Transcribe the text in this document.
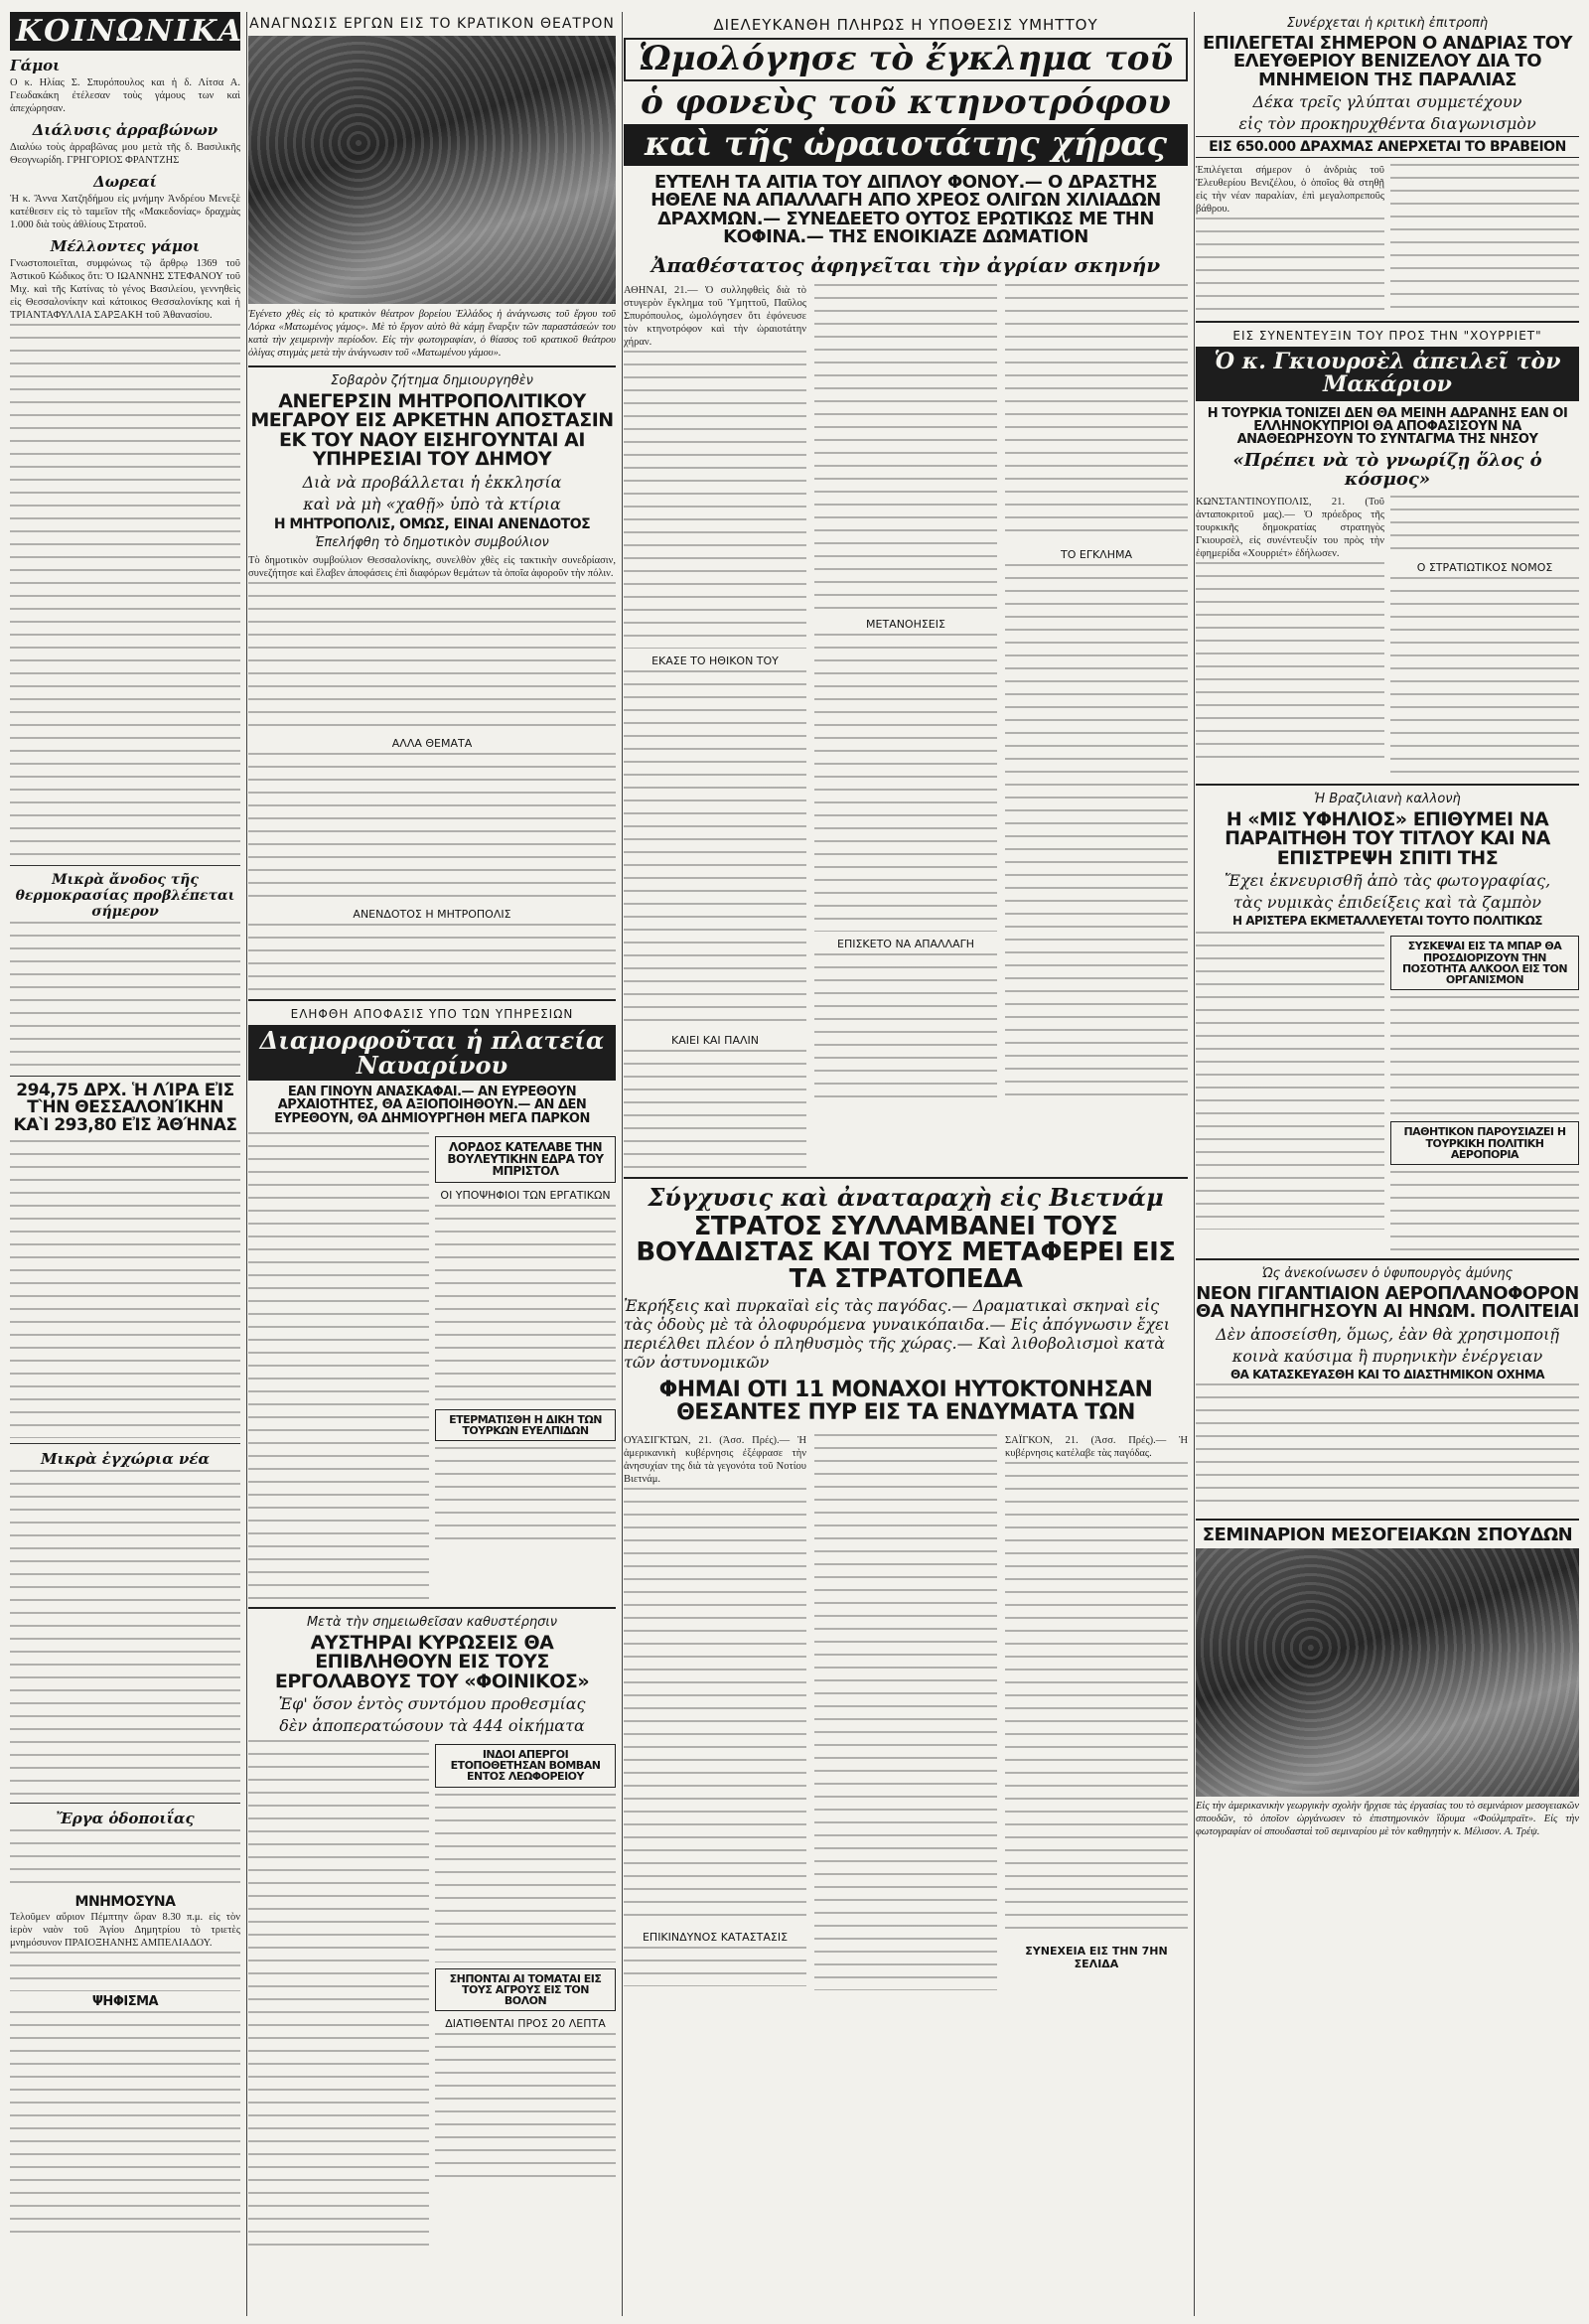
ΚΟΙΝΩΝΙΚΑ
Γάμοι
Ο κ. Ηλίας Σ. Σπυρόπουλος και ἡ δ. Λίτσα Α. Γεωδακάκη ἐτέλεσαν τοὺς γάμους των καὶ ἀπεχώρησαν.
Διάλυσις ἀρραβώνων
Διαλύω τοὺς ἀρραβῶνας μου μετὰ τῆς δ. Βασιλικῆς Θεογνωρίδη. ΓΡΗΓΟΡΙΟΣ ΦΡΑΝΤΖΗΣ
Δωρεαί
Ἡ κ. Ἄννα Χατζηδήμου εἰς μνήμην Ἀνδρέου Μενεξὲ κατέθεσεν εἰς τὸ ταμεῖον τῆς «Μακεδονίας» δραχμὰς 1.000 διὰ τοὺς ἀθλίους Στρατοῦ.
Μέλλοντες γάμοι
Γνωστοποιεῖται, συμφώνως τῷ ἄρθρῳ 1369 τοῦ Ἀστικοῦ Κώδικος ὅτι: Ὁ ΙΩΑΝΝΗΣ ΣΤΕΦΑΝΟΥ τοῦ Μιχ. καὶ τῆς Κατίνας τὸ γένος Βασιλείου, γεννηθεὶς εἰς Θεσσαλονίκην καὶ κάτοικος Θεσσαλονίκης καὶ ἡ ΤΡΙΑΝΤΑΦΥΛΛΙΑ ΣΑΡΞΑΚΗ τοῦ Ἀθανασίου.
Μικρὰ ἄνοδος τῆς θερμοκρασίας προβλέπεται σήμερον
294,75 ΔΡΧ. Ἡ ΛΊΡΑ ΕἸΣ ΤῊΝ ΘΕΣΣΑΛΟΝΊΚΗΝ ΚΑῚ 293,80 ΕἸΣ ἈΘΉΝΑΣ
Μικρὰ ἐγχώρια νέα
Ἔργα ὁδοποιΐας
ΜΝΗΜΟΣΥΝΑ
Τελοῦμεν αὔριον Πέμπτην ὥραν 8.30 π.μ. εἰς τὸν ἱερὸν ναὸν τοῦ Ἁγίου Δημητρίου τὸ τριετὲς μνημόσυνον ΠΡΑΙΟΞΗΑΝΗΣ ΑΜΠΕΛΙΑΔΟΥ.
ΨΗΦΙΣΜΑ
ΑΝΑΓΝΩΣΙΣ ΕΡΓΩΝ ΕΙΣ ΤΟ ΚΡΑΤΙΚΟΝ ΘΕΑΤΡΟΝ
Ἐγένετο χθὲς εἰς τὸ κρατικὸν θέατρον βορείου Ἑλλάδος ἡ ἀνάγνωσις τοῦ ἔργου τοῦ Λόρκα «Ματωμένος γάμος». Μὲ τὸ ἔργον αὐτὸ θὰ κάμῃ ἔναρξιν τῶν παραστάσεών του κατὰ τὴν χειμερινὴν περίοδον. Εἰς τὴν φωτογραφίαν, ὁ θίασος τοῦ κρατικοῦ θεάτρου ὀλίγας στιγμὰς μετὰ τὴν ἀνάγνωσιν τοῦ «Ματωμένου γάμου».
Σοβαρὸν ζήτημα δημιουργηθὲν
ΑΝΕΓΕΡΣΙΝ ΜΗΤΡΟΠΟΛΙΤΙΚΟΥ ΜΕΓΑΡΟΥ ΕΙΣ ΑΡΚΕΤΗΝ ΑΠΟΣΤΑΣΙΝ ΕΚ ΤΟΥ ΝΑΟΥ ΕΙΣΗΓΟΥΝΤΑΙ ΑΙ ΥΠΗΡΕΣΙΑΙ ΤΟΥ ΔΗΜΟΥ
Διὰ νὰ προβάλλεται ἡ ἐκκλησία
καὶ νὰ μὴ «χαθῇ» ὑπὸ τὰ κτίρια
Η ΜΗΤΡΟΠΟΛΙΣ, ΟΜΩΣ, ΕΙΝΑΙ ΑΝΕΝΔΟΤΟΣ
Ἐπελήφθη τὸ δημοτικὸν συμβούλιον
Τὸ δημοτικὸν συμβούλιον Θεσσαλονίκης, συνελθὸν χθὲς εἰς τακτικὴν συνεδρίασιν, συνεζήτησε καὶ ἔλαβεν ἀποφάσεις ἐπὶ διαφόρων θεμάτων τὰ ὁποῖα ἀφοροῦν τὴν πόλιν.
ΑΛΛΑ ΘΕΜΑΤΑ
ΑΝΕΝΔΟΤΟΣ Η ΜΗΤΡΟΠΟΛΙΣ
ΕΛΗΦΘΗ ΑΠΟΦΑΣΙΣ ΥΠΟ ΤΩΝ ΥΠΗΡΕΣΙΩΝ
Διαμορφοῦται ἡ πλατεία Ναυαρίνου
ΕΑΝ ΓΙΝΟΥΝ ΑΝΑΣΚΑΦΑΙ.— ΑΝ ΕΥΡΕΘΟΥΝ ΑΡΧΑΙΟΤΗΤΕΣ, ΘΑ ΑΞΙΟΠΟΙΗΘΟΥΝ.— ΑΝ ΔΕΝ ΕΥΡΕΘΟΥΝ, ΘΑ ΔΗΜΙΟΥΡΓΗΘΗ ΜΕΓΑ ΠΑΡΚΟΝ
ΛΟΡΔΟΣ ΚΑΤΕΛΑΒΕ ΤΗΝ ΒΟΥΛΕΥΤΙΚΗΝ ΕΔΡΑ ΤΟΥ ΜΠΡΙΣΤΟΛ
ΟΙ ΥΠΟΨΗΦΙΟΙ ΤΩΝ ΕΡΓΑΤΙΚΩΝ
ΕΤΕΡΜΑΤΙΣΘΗ Η ΔΙΚΗ ΤΩΝ ΤΟΥΡΚΩΝ ΕΥΕΛΠΙΔΩΝ
Μετὰ τὴν σημειωθεῖσαν καθυστέρησιν
ΑΥΣΤΗΡΑΙ ΚΥΡΩΣΕΙΣ ΘΑ ΕΠΙΒΛΗΘΟΥΝ ΕΙΣ ΤΟΥΣ ΕΡΓΟΛΑΒΟΥΣ ΤΟΥ «ΦΟΙΝΙΚΟΣ»
Ἐφ' ὅσον ἐντὸς συντόμου προθεσμίας
δὲν ἀποπερατώσουν τὰ 444 οἰκήματα
ΙΝΔΟΙ ΑΠΕΡΓΟΙ ΕΤΟΠΟΘΕΤΗΣΑΝ ΒΟΜΒΑΝ ΕΝΤΟΣ ΛΕΩΦΟΡΕΙΟΥ
ΣΗΠΟΝΤΑΙ ΑΙ ΤΟΜΑΤΑΙ ΕΙΣ ΤΟΥΣ ΑΓΡΟΥΣ ΕΙΣ ΤΟΝ ΒΟΛΟΝ
ΔΙΑΤΙΘΕΝΤΑΙ ΠΡΟΣ 20 ΛΕΠΤΑ
ΔΙΕΛΕΥΚΑΝΘΗ ΠΛΗΡΩΣ Η ΥΠΟΘΕΣΙΣ ΥΜΗΤΤΟΥ
Ὡμολόγησε τὸ ἔγκλημα τοῦ
ὁ φονεὺς τοῦ κτηνοτρόφου
καὶ τῆς ὡραιοτάτης χήρας
ΕΥΤΕΛΗ ΤΑ ΑΙΤΙΑ ΤΟΥ ΔΙΠΛΟΥ ΦΟΝΟΥ.— Ο ΔΡΑΣΤΗΣ ΗΘΕΛΕ ΝΑ ΑΠΑΛΛΑΓΗ ΑΠΟ ΧΡΕΟΣ ΟΛΙΓΩΝ ΧΙΛΙΑΔΩΝ ΔΡΑΧΜΩΝ.— ΣΥΝΕΔΕΕΤΟ ΟΥΤΟΣ ΕΡΩΤΙΚΩΣ ΜΕ ΤΗΝ ΚΟΦΙΝΑ.— ΤΗΣ ΕΝΟΙΚΙΑΖΕ ΔΩΜΑΤΙΟΝ
Ἀπαθέστατος ἀφηγεῖται τὴν ἀγρίαν σκηνήν
ΑΘΗΝΑΙ, 21.— Ὁ συλληφθεὶς διὰ τὸ στυγερὸν ἔγκλημα τοῦ Ὑμηττοῦ, Παῦλος Σπυρόπουλος, ὡμολόγησεν ὅτι ἐφόνευσε τὸν κτηνοτρόφον καὶ τὴν ὡραιοτάτην χήραν.
ΕΚΑΣΕ ΤΟ ΗΘΙΚΟΝ ΤΟΥ
ΚΑΙΕΙ ΚΑΙ ΠΑΛΙΝ
ΜΕΤΑΝΟΗΣΕΙΣ
ΕΠΙΣΚΕΤΟ ΝΑ ΑΠΑΛΛΑΓΗ
ΤΟ ΕΓΚΛΗΜΑ
Σύγχυσις καὶ ἀναταραχὴ εἰς Βιετνάμ
ΣΤΡΑΤΟΣ ΣΥΛΛΑΜΒΑΝΕΙ ΤΟΥΣ ΒΟΥΔΔΙΣΤΑΣ ΚΑΙ ΤΟΥΣ ΜΕΤΑΦΕΡΕΙ ΕΙΣ ΤΑ ΣΤΡΑΤΟΠΕΔΑ
Ἐκρήξεις καὶ πυρκαϊαὶ εἰς τὰς παγόδας.— Δραματικαὶ σκηναὶ εἰς τὰς ὁδοὺς μὲ τὰ ὀλοφυρόμενα γυναικόπαιδα.— Εἰς ἀπόγνωσιν ἔχει περιέλθει πλέον ὁ πληθυσμὸς τῆς χώρας.— Καὶ λιθοβολισμοὶ κατὰ τῶν ἀστυνομικῶν
ΦΗΜΑΙ ΟΤΙ 11 ΜΟΝΑΧΟΙ ΗΥΤΟΚΤΟΝΗΣΑΝ ΘΕΣΑΝΤΕΣ ΠΥΡ ΕΙΣ ΤΑ ΕΝΔΥΜΑΤΑ ΤΩΝ
ΟΥΑΣΙΓΚΤΩΝ, 21. (Ἀσσ. Πρές).— Ἡ ἀμερικανικὴ κυβέρνησις ἐξέφρασε τὴν ἀνησυχίαν της διὰ τὰ γεγονότα τοῦ Νοτίου Βιετνάμ.
ΕΠΙΚΙΝΔΥΝΟΣ ΚΑΤΑΣΤΑΣΙΣ
ΣΑΪΓΚΟΝ, 21. (Ἀσσ. Πρές).— Ἡ κυβέρνησις κατέλαβε τὰς παγόδας.
ΣΥΝΕΧΕΙΑ ΕΙΣ ΤΗΝ 7ΗΝ ΣΕΛΙΔΑ
Συνέρχεται ἡ κριτικὴ ἐπιτροπὴ
ΕΠΙΛΕΓΕΤΑΙ ΣΗΜΕΡΟΝ Ο ΑΝΔΡΙΑΣ ΤΟΥ ΕΛΕΥΘΕΡΙΟΥ ΒΕΝΙΖΕΛΟΥ ΔΙΑ ΤΟ ΜΝΗΜΕΙΟΝ ΤΗΣ ΠΑΡΑΛΙΑΣ
Δέκα τρεῖς γλύπται συμμετέχουν
εἰς τὸν προκηρυχθέντα διαγωνισμὸν
ΕΙΣ 650.000 ΔΡΑΧΜΑΣ ΑΝΕΡΧΕΤΑΙ ΤΟ ΒΡΑΒΕΙΟΝ
Ἐπιλέγεται σήμερον ὁ ἀνδριὰς τοῦ Ἐλευθερίου Βενιζέλου, ὁ ὁποῖος θὰ στηθῇ εἰς τὴν νέαν παραλίαν, ἐπὶ μεγαλοπρεποῦς βάθρου.
ΕΙΣ ΣΥΝΕΝΤΕΥΞΙΝ ΤΟΥ ΠΡΟΣ ΤΗΝ "ΧΟΥΡΡΙΕΤ"
Ὁ κ. Γκιουρσὲλ ἀπειλεῖ τὸν Μακάριον
Η ΤΟΥΡΚΙΑ ΤΟΝΙΖΕΙ ΔΕΝ ΘΑ ΜΕΙΝΗ ΑΔΡΑΝΗΣ ΕΑΝ ΟΙ ΕΛΛΗΝΟΚΥΠΡΙΟΙ ΘΑ ΑΠΟΦΑΣΙΣΟΥΝ ΝΑ ΑΝΑΘΕΩΡΗΣΟΥΝ ΤΟ ΣΥΝΤΑΓΜΑ ΤΗΣ ΝΗΣΟΥ
«Πρέπει νὰ τὸ γνωρίζῃ ὅλος ὁ κόσμος»
ΚΩΝΣΤΑΝΤΙΝΟΥΠΟΛΙΣ, 21. (Τοῦ ἀνταποκριτοῦ μας).— Ὁ πρόεδρος τῆς τουρκικῆς δημοκρατίας στρατηγὸς Γκιουρσὲλ, εἰς συνέντευξίν του πρὸς τὴν ἐφημερίδα «Χουρριέτ» ἐδήλωσεν.
Ο ΣΤΡΑΤΙΩΤΙΚΟΣ ΝΟΜΟΣ
Ἡ Βραζιλιανὴ καλλονὴ
Η «ΜΙΣ ΥΦΗΛΙΟΣ» ΕΠΙΘΥΜΕΙ ΝΑ ΠΑΡΑΙΤΗΘΗ ΤΟΥ ΤΙΤΛΟΥ ΚΑΙ ΝΑ ΕΠΙΣΤΡΕΨΗ ΣΠΙΤΙ ΤΗΣ
Ἔχει ἐκνευρισθῆ ἀπὸ τὰς φωτογραφίας,
τὰς νυμικὰς ἐπιδείξεις καὶ τὰ ζαμπὸν
Η ΑΡΙΣΤΕΡΑ ΕΚΜΕΤΑΛΛΕΥΕΤΑΙ ΤΟΥΤΟ ΠΟΛΙΤΙΚΩΣ
ΣΥΣΚΕΨΑΙ ΕΙΣ ΤΑ ΜΠΑΡ ΘΑ ΠΡΟΣΔΙΟΡΙΖΟΥΝ ΤΗΝ ΠΟΣΟΤΗΤΑ ΑΛΚΟΟΛ ΕΙΣ ΤΟΝ ΟΡΓΑΝΙΣΜΟΝ
ΠΑΘΗΤΙΚΟΝ ΠΑΡΟΥΣΙΑΖΕΙ Η ΤΟΥΡΚΙΚΗ ΠΟΛΙΤΙΚΗ ΑΕΡΟΠΟΡΙΑ
Ὡς ἀνεκοίνωσεν ὁ ὑφυπουργὸς ἀμύνης
ΝΕΟΝ ΓΙΓΑΝΤΙΑΙΟΝ ΑΕΡΟΠΛΑΝΟΦΟΡΟΝ ΘΑ ΝΑΥΠΗΓΗΣΟΥΝ ΑΙ ΗΝΩΜ. ΠΟΛΙΤΕΙΑΙ
Δὲν ἀποσείσθη, ὅμως, ἐὰν θὰ χρησιμοποιῇ
κοινὰ καύσιμα ἢ πυρηνικὴν ἐνέργειαν
ΘΑ ΚΑΤΑΣΚΕΥΑΣΘΗ ΚΑΙ ΤΟ ΔΙΑΣΤΗΜΙΚΟΝ ΟΧΗΜΑ
ΣΕΜΙΝΑΡΙΟΝ ΜΕΣΟΓΕΙΑΚΩΝ ΣΠΟΥΔΩΝ
Εἰς τὴν ἀμερικανικὴν γεωργικὴν σχολὴν ἤρχισε τὰς ἐργασίας του τὸ σεμινάριον μεσογειακῶν σπουδῶν, τὸ ὁποῖον ὠργάνωσεν τὸ ἐπιστημονικὸν ἵδρυμα «Φούλμπραϊτ». Εἰς τὴν φωτογραφίαν οἱ σπουδασταὶ τοῦ σεμιναρίου μὲ τὸν καθηγητὴν κ. Μέλισον. Α. Τρέψ.
